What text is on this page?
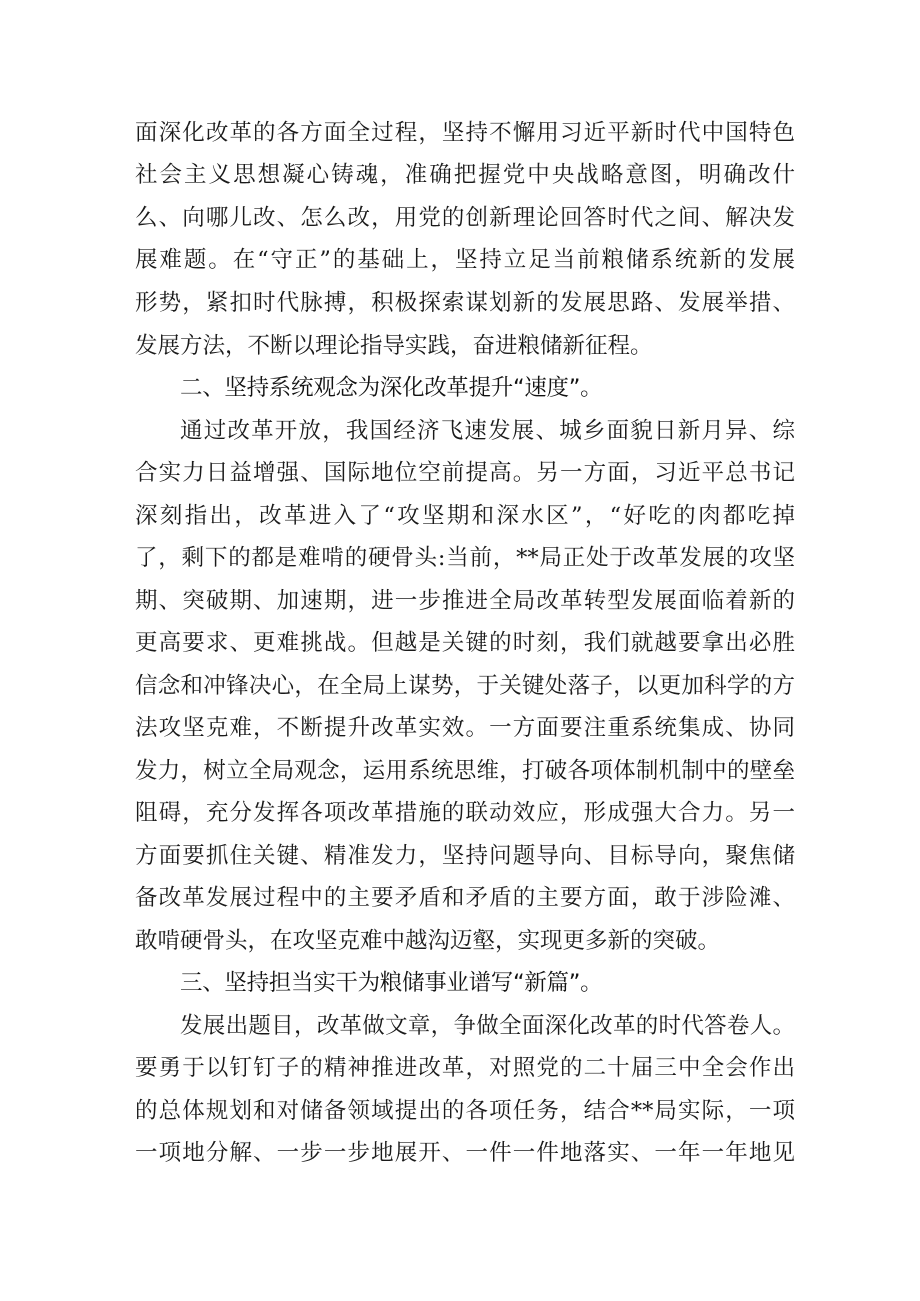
面深化改革的各方面全过程，坚持不懈用习近平新时代中国特色
社会主义思想凝心铸魂，准确把握党中央战略意图，明确改什
么、向哪儿改、怎么改，用党的创新理论回答时代之间、解决发
展难题。在“守正”的基础上，坚持立足当前粮储系统新的发展
形势，紧扣时代脉搏，积极探索谋划新的发展思路、发展举措、
发展方法，不断以理论指导实践，奋进粮储新征程。
二、坚持系统观念为深化改革提升“速度”。
通过改革开放，我国经济飞速发展、城乡面貌日新月异、综
合实力日益增强、国际地位空前提高。另一方面，习近平总书记
深刻指出，改革进入了“攻坚期和深水区”，“好吃的肉都吃掉
了，剩下的都是难啃的硬骨头:当前，**局正处于改革发展的攻坚
期、突破期、加速期，进一步推进全局改革转型发展面临着新的
更高要求、更难挑战。但越是关键的时刻，我们就越要拿出必胜
信念和冲锋决心，在全局上谋势，于关键处落子，以更加科学的方
法攻坚克难，不断提升改革实效。一方面要注重系统集成、协同
发力，树立全局观念，运用系统思维，打破各项体制机制中的壁垒
阻碍，充分发挥各项改革措施的联动效应，形成强大合力。另一
方面要抓住关键、精准发力，坚持问题导向、目标导向，聚焦储
备改革发展过程中的主要矛盾和矛盾的主要方面，敢于涉险滩、
敢啃硬骨头，在攻坚克难中越沟迈壑，实现更多新的突破。
三、坚持担当实干为粮储事业谱写“新篇”。
发展出题目，改革做文章，争做全面深化改革的时代答卷人。
要勇于以钉钉子的精神推进改革，对照党的二十届三中全会作出
的总体规划和对储备领域提出的各项任务，结合**局实际，一项
一项地分解、一步一步地展开、一件一件地落实、一年一年地见
